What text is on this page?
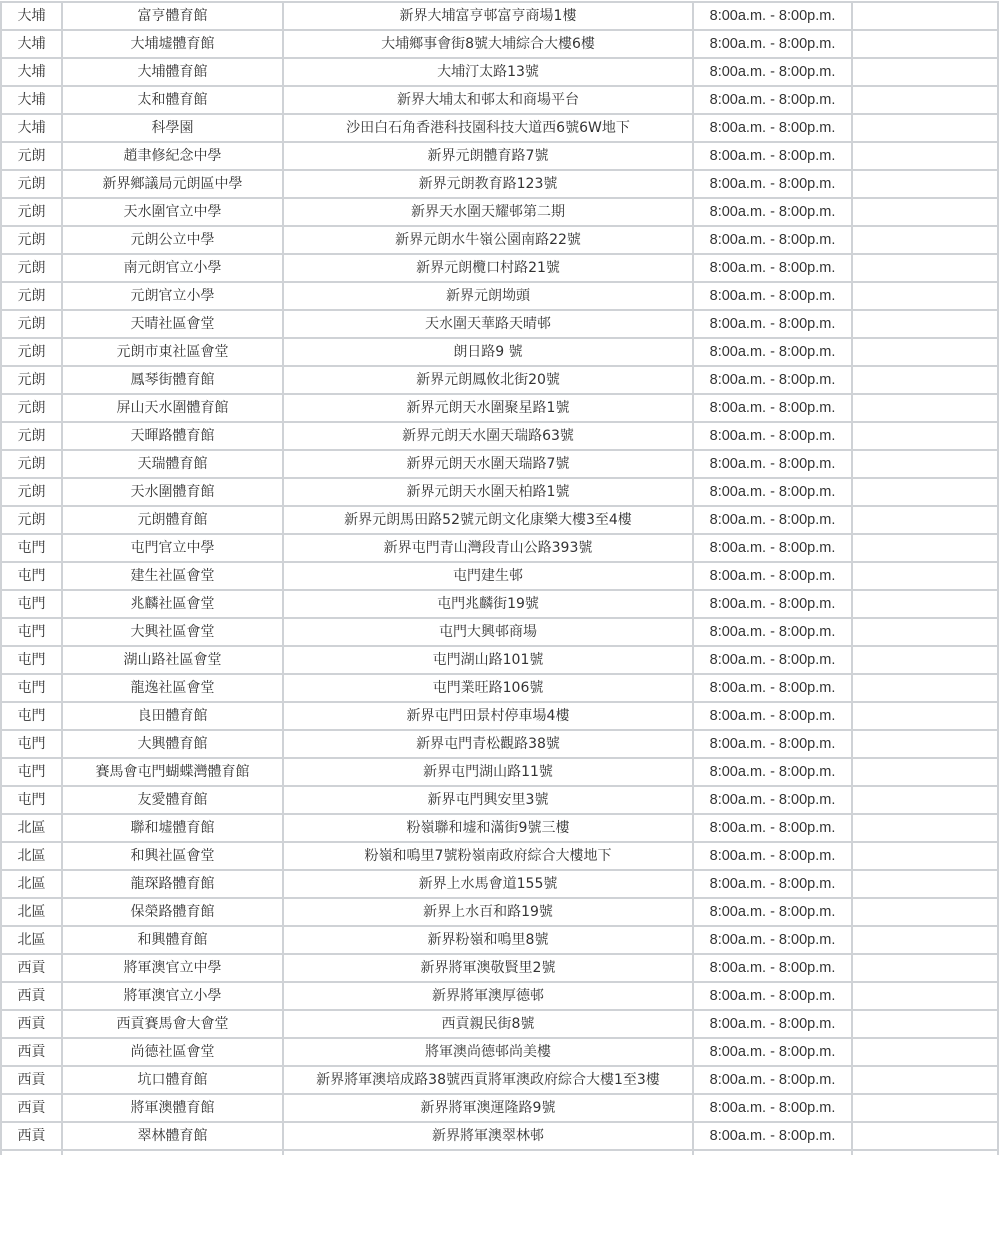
大埔	富亨體育館	新界大埔富亨邨富亨商場1樓	8:00a.m. - 8:00p.m.	
大埔	大埔墟體育館	大埔鄉事會街8號大埔綜合大樓6樓	8:00a.m. - 8:00p.m.	
大埔	大埔體育館	大埔汀太路13號	8:00a.m. - 8:00p.m.	
大埔	太和體育館	新界大埔太和邨太和商場平台	8:00a.m. - 8:00p.m.	
大埔	科學園	沙田白石角香港科技園科技大道西6號6W地下	8:00a.m. - 8:00p.m.	
元朗	趙聿修紀念中學	新界元朗體育路7號	8:00a.m. - 8:00p.m.	
元朗	新界鄉議局元朗區中學	新界元朗教育路123號	8:00a.m. - 8:00p.m.	
元朗	天水圍官立中學	新界天水圍天耀邨第二期	8:00a.m. - 8:00p.m.	
元朗	元朗公立中學	新界元朗水牛嶺公園南路22號	8:00a.m. - 8:00p.m.	
元朗	南元朗官立小學	新界元朗欖口村路21號	8:00a.m. - 8:00p.m.	
元朗	元朗官立小學	新界元朗坳頭	8:00a.m. - 8:00p.m.	
元朗	天晴社區會堂	天水圍天華路天晴邨	8:00a.m. - 8:00p.m.	
元朗	元朗市東社區會堂	朗日路9 號	8:00a.m. - 8:00p.m.	
元朗	鳳琴街體育館	新界元朗鳳攸北街20號	8:00a.m. - 8:00p.m.	
元朗	屏山天水圍體育館	新界元朗天水圍聚星路1號	8:00a.m. - 8:00p.m.	
元朗	天暉路體育館	新界元朗天水圍天瑞路63號	8:00a.m. - 8:00p.m.	
元朗	天瑞體育館	新界元朗天水圍天瑞路7號	8:00a.m. - 8:00p.m.	
元朗	天水圍體育館	新界元朗天水圍天柏路1號	8:00a.m. - 8:00p.m.	
元朗	元朗體育館	新界元朗馬田路52號元朗文化康樂大樓3至4樓	8:00a.m. - 8:00p.m.	
屯門	屯門官立中學	新界屯門青山灣段青山公路393號	8:00a.m. - 8:00p.m.	
屯門	建生社區會堂	屯門建生邨	8:00a.m. - 8:00p.m.	
屯門	兆麟社區會堂	屯門兆麟街19號	8:00a.m. - 8:00p.m.	
屯門	大興社區會堂	屯門大興邨商場	8:00a.m. - 8:00p.m.	
屯門	湖山路社區會堂	屯門湖山路101號	8:00a.m. - 8:00p.m.	
屯門	龍逸社區會堂	屯門業旺路106號	8:00a.m. - 8:00p.m.	
屯門	良田體育館	新界屯門田景村停車場4樓	8:00a.m. - 8:00p.m.	
屯門	大興體育館	新界屯門青松觀路38號	8:00a.m. - 8:00p.m.	
屯門	賽馬會屯門蝴蝶灣體育館	新界屯門湖山路11號	8:00a.m. - 8:00p.m.	
屯門	友愛體育館	新界屯門興安里3號	8:00a.m. - 8:00p.m.	
北區	聯和墟體育館	粉嶺聯和墟和滿街9號三樓	8:00a.m. - 8:00p.m.	
北區	和興社區會堂	粉嶺和鳴里7號粉嶺南政府綜合大樓地下	8:00a.m. - 8:00p.m.	
北區	龍琛路體育館	新界上水馬會道155號	8:00a.m. - 8:00p.m.	
北區	保榮路體育館	新界上水百和路19號	8:00a.m. - 8:00p.m.	
北區	和興體育館	新界粉嶺和鳴里8號	8:00a.m. - 8:00p.m.	
西貢	將軍澳官立中學	新界將軍澳敬賢里2號	8:00a.m. - 8:00p.m.	
西貢	將軍澳官立小學	新界將軍澳厚德邨	8:00a.m. - 8:00p.m.	
西貢	西貢賽馬會大會堂	西貢親民街8號	8:00a.m. - 8:00p.m.	
西貢	尚德社區會堂	將軍澳尚德邨尚美樓	8:00a.m. - 8:00p.m.	
西貢	坑口體育館	新界將軍澳培成路38號西貢將軍澳政府綜合大樓1至3樓	8:00a.m. - 8:00p.m.	
西貢	將軍澳體育館	新界將軍澳運隆路9號	8:00a.m. - 8:00p.m.	
西貢	翠林體育館	新界將軍澳翠林邨	8:00a.m. - 8:00p.m.	
